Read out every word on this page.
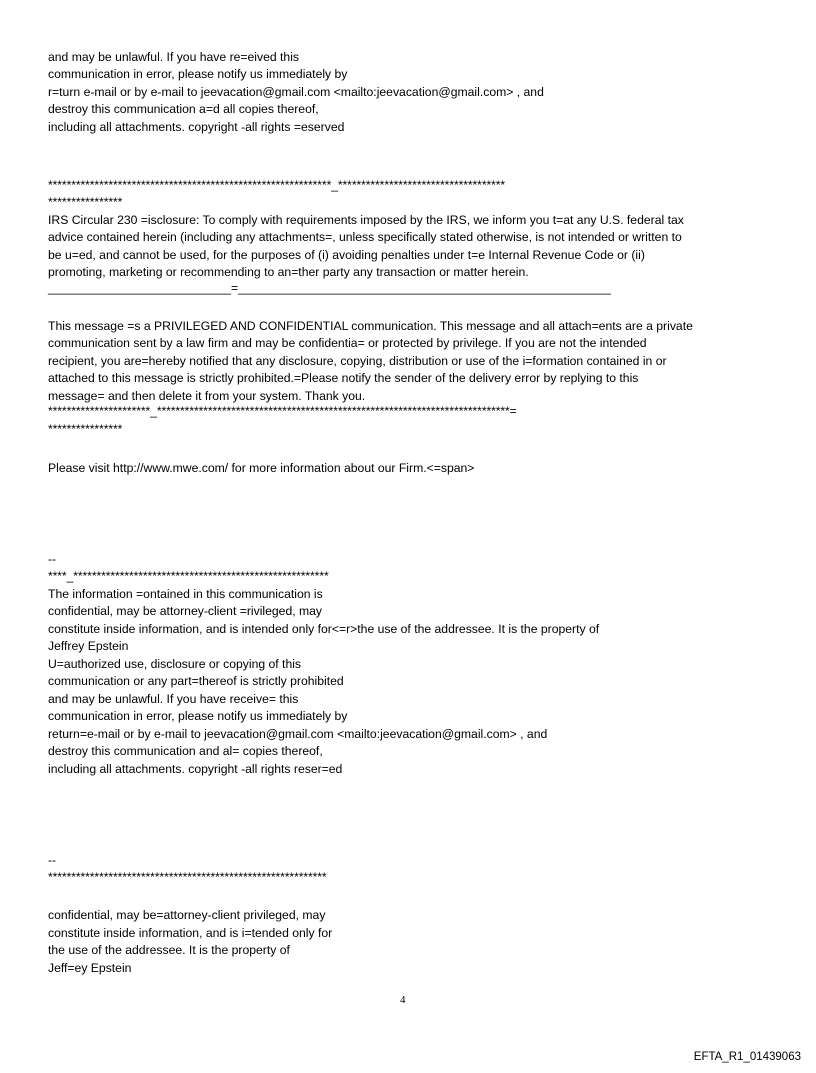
and may be unlawful. If you have re=eived this

communication in error, please notify us immediately by

r=turn e-mail or by e-mail to jeevacation@gmail.com <mailto:jeevacation@gmail.com> , and

destroy this communication a=d all copies thereof,

including all attachments. copyright -all rights =eserved

*************************************************************_************************************

****************

IRS Circular 230 =isclosure: To comply with requirements imposed by the IRS, we inform you t=at any U.S. federal tax

advice contained herein (including any attachments=, unless specifically stated otherwise, is not intended or written to

be u=ed, and cannot be used, for the purposes of (i) avoiding penalties under t=e Internal Revenue Code or (ii)

promoting, marketing or recommending to an=ther party any transaction or matter herein.

___________________________=_______________________________________________________

This message =s a PRIVILEGED AND CONFIDENTIAL communication. This message and all attach=ents are a private

communication sent by a law firm and may be confidentia= or protected by privilege. If you are not the intended

recipient, you are=hereby notified that any disclosure, copying, distribution or use of the i=formation contained in or

attached to this message is strictly prohibited.=Please notify the sender of the delivery error by replying to this

message= and then delete it from your system. Thank you.

**********************_****************************************************************************=

****************

Please visit http://www.mwe.com/ for more information about our Firm.<=span>

--

****_*******************************************************

The information =ontained in this communication is

confidential, may be attorney-client =rivileged, may

constitute inside information, and is intended only for<=r>the use of the addressee. It is the property of

Jeffrey Epstein

U=authorized use, disclosure or copying of this

communication or any part=thereof is strictly prohibited

and may be unlawful. If you have receive= this

communication in error, please notify us immediately by

return=e-mail or by e-mail to jeevacation@gmail.com <mailto:jeevacation@gmail.com> , and

destroy this communication and al= copies thereof,

including all attachments. copyright -all rights reser=ed

--

************************************************************

confidential, may be=attorney-client privileged, may

constitute inside information, and is i=tended only for

the use of the addressee. It is the property of

Jeff=ey Epstein

4
EFTA_R1_01439063
